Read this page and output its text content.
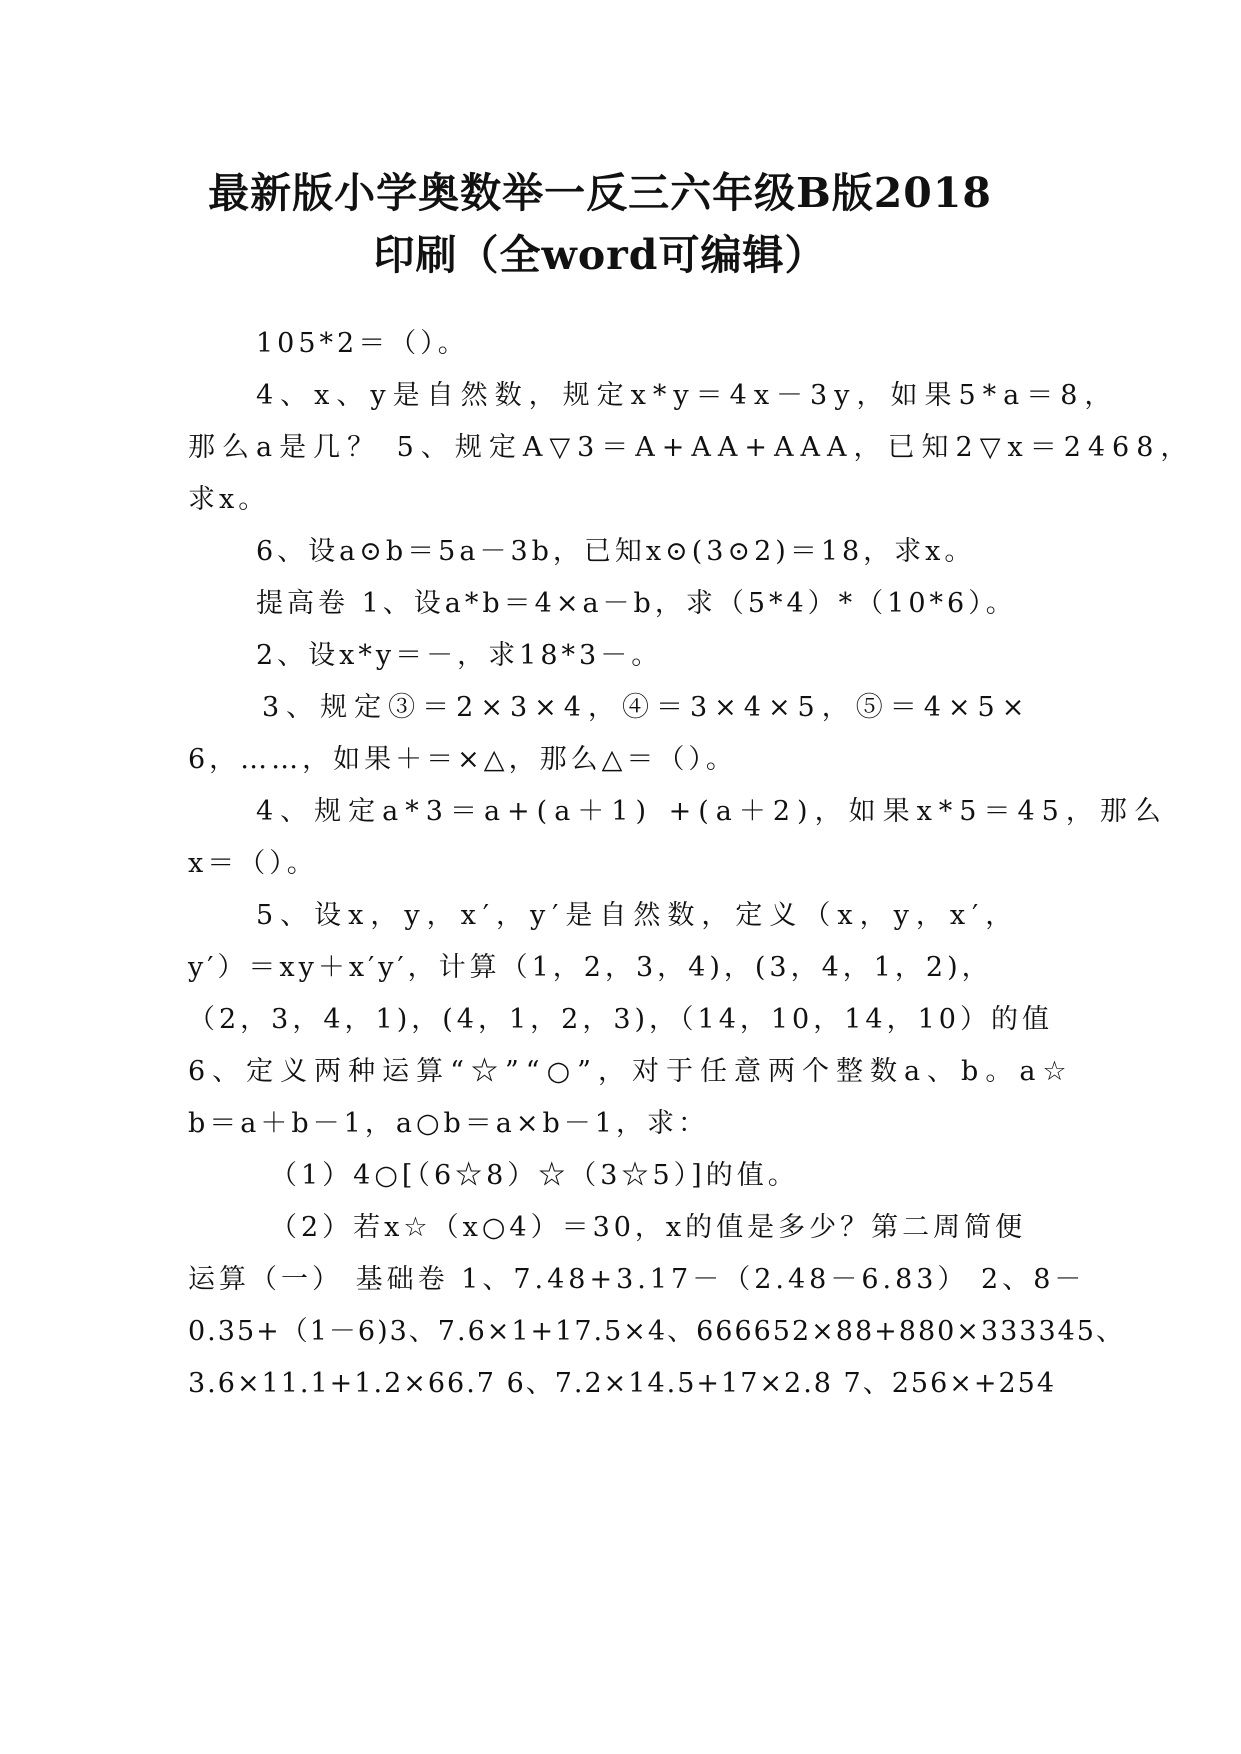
最新版小学奥数举一反三六年级B版2018
印刷（全word可编辑）
105*2＝（）。
4、x、y是自然数，规定x*y＝4x－3y，如果5*a＝8，
那么a是几？ 5、规定A▽3＝A+AA+AAA，已知2▽x＝2468，
求x。
6、设a⊙b＝5a－3b，已知x⊙(3⊙2)＝18，求x。
提高卷 1、设a*b＝4×a－b，求（5*4）*（10*6）。
2、设x*y＝－，求18*3－。
3、规定③＝2×3×4，④＝3×4×5，⑤＝4×5×
6，……，如果＋＝×△，那么△＝（）。
4、规定a*3＝a+(a＋1) +(a＋2)，如果x*5＝45，那么
x＝（）。
5、设x，y，x′，y′是自然数，定义（x，y，x′，
y′）＝xy＋x′y′，计算（1，2，3，4)，(3，4，1，2)，
（2，3，4，1)，(4，1，2，3)，（14，10，14，10）的值
6、定义两种运算“☆”“○”，对于任意两个整数a、b。a☆
b＝a＋b－1，a○b＝a×b－1，求：
（1）4○[（6☆8）☆（3☆5）]的值。
（2）若x☆（x○4）＝30，x的值是多少？第二周简便
运算（一） 基础卷 1、7.48+3.17－（2.48－6.83） 2、8－
0.35+（1－6)3、7.6×1+17.5×4、666652×88+880×333345、
3.6×11.1+1.2×66.7 6、7.2×14.5+17×2.8 7、256×+254
